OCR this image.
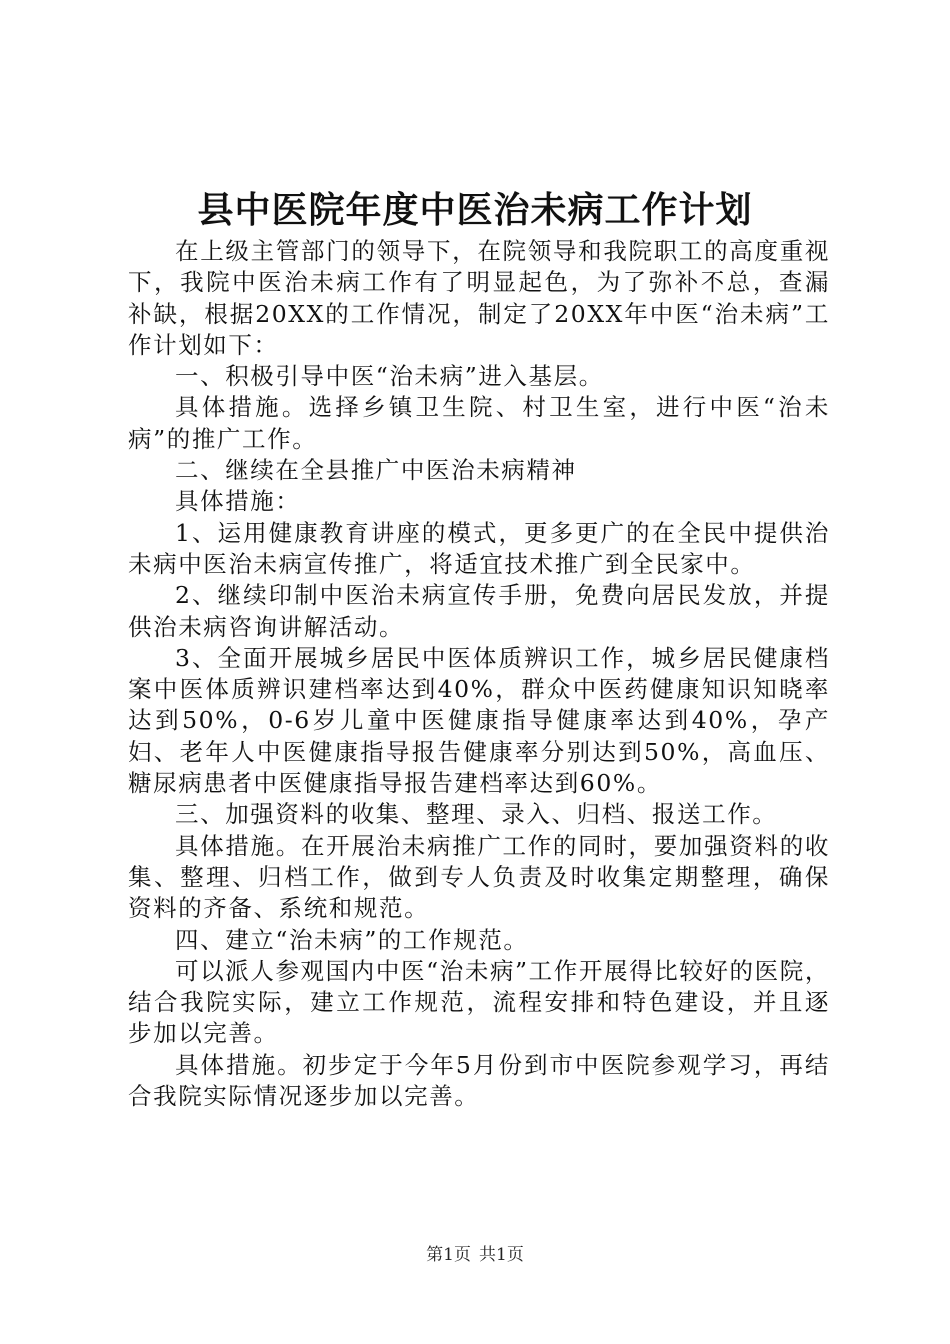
县中医院年度中医治未病工作计划

在上级主管部门的领导下，在院领导和我院职工的高度重视下，我院中医治未病工作有了明显起色，为了弥补不总，查漏补缺，根据20XX的工作情况，制定了20XX年中医“治未病”工作计划如下：

一、积极引导中医“治未病”进入基层。

具体措施。选择乡镇卫生院、村卫生室，进行中医“治未病”的推广工作。

二、继续在全县推广中医治未病精神

具体措施：

1、运用健康教育讲座的模式，更多更广的在全民中提供治未病中医治未病宣传推广，将适宜技术推广到全民家中。

2、继续印制中医治未病宣传手册，免费向居民发放，并提供治未病咨询讲解活动。

3、全面开展城乡居民中医体质辨识工作，城乡居民健康档案中医体质辨识建档率达到40%，群众中医药健康知识知晓率达到50%，0-6岁儿童中医健康指导健康率达到40%，孕产妇、老年人中医健康指导报告健康率分别达到50%，高血压、糖尿病患者中医健康指导报告建档率达到60%。

三、加强资料的收集、整理、录入、归档、报送工作。

具体措施。在开展治未病推广工作的同时，要加强资料的收集、整理、归档工作，做到专人负责及时收集定期整理，确保资料的齐备、系统和规范。

四、建立“治未病”的工作规范。

可以派人参观国内中医“治未病”工作开展得比较好的医院，结合我院实际，建立工作规范，流程安排和特色建设，并且逐步加以完善。

具体措施。初步定于今年5月份到市中医院参观学习，再结合我院实际情况逐步加以完善。

第1页 共1页
